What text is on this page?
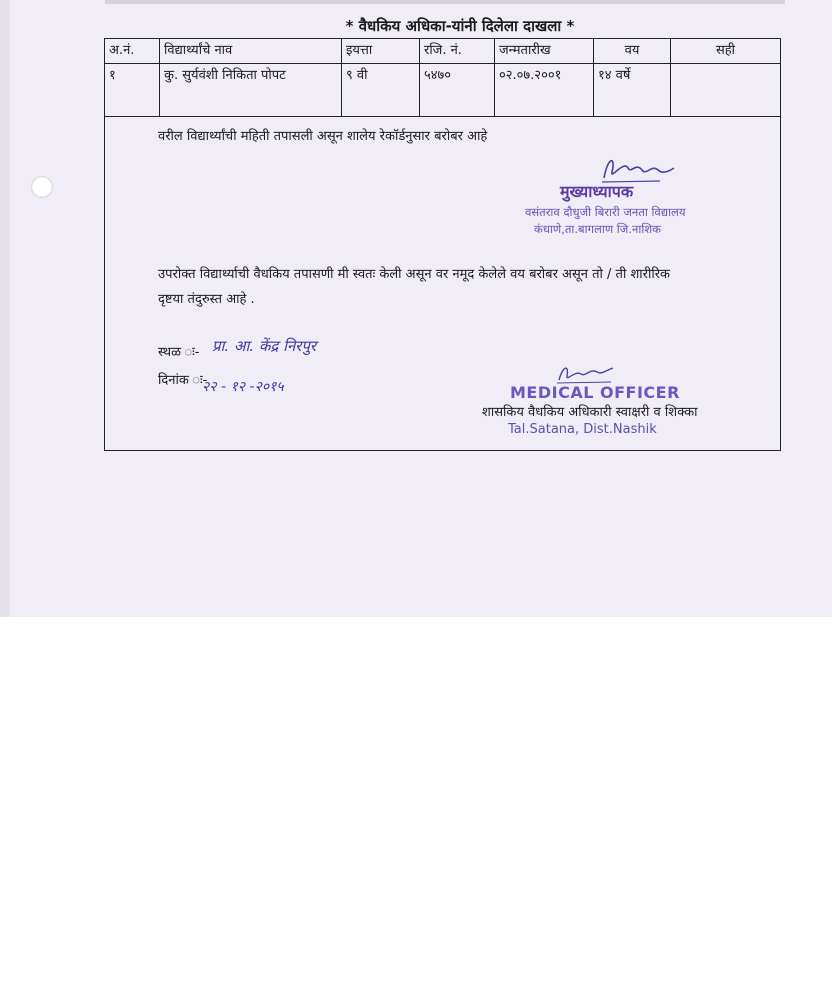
* वैधकिय अधिका-यांनी दिलेला दाखला *
अ.नं.	विद्यार्थ्यांचे नाव	इयत्ता	रजि. नं.	जन्मतारीख	वय	सही
१	कु. सुर्यवंशी निकिता पोपट	९ वी	५४७०	०२.०७.२००१	१४ वर्षे	
वरील विद्यार्थ्यांची महिती तपासली असून शालेय रेकॉर्डनुसार बरोबर आहे
मुख्याध्यापक
वसंतराव दौधुजी बिरारी जनता विद्यालय
कंधाणे,ता.बागलाण जि.नाशिक
उपरोक्त विद्यार्थ्याची वैधकिय तपासणी मी स्वतः केली असून वर नमूद केलेले वय बरोबर असून तो / ती शारीरिक दृष्टया तंदुरुस्त आहे .
स्थळ ः- प्रा. आ. केंद्र निरपुर
दिनांक ः-
२२ - १२ -२०१५	MEDICAL OFFICER
शासकिय वैधकिय अधिकारी स्वाक्षरी व शिक्का
Tal.Satana, Dist.Nashik
